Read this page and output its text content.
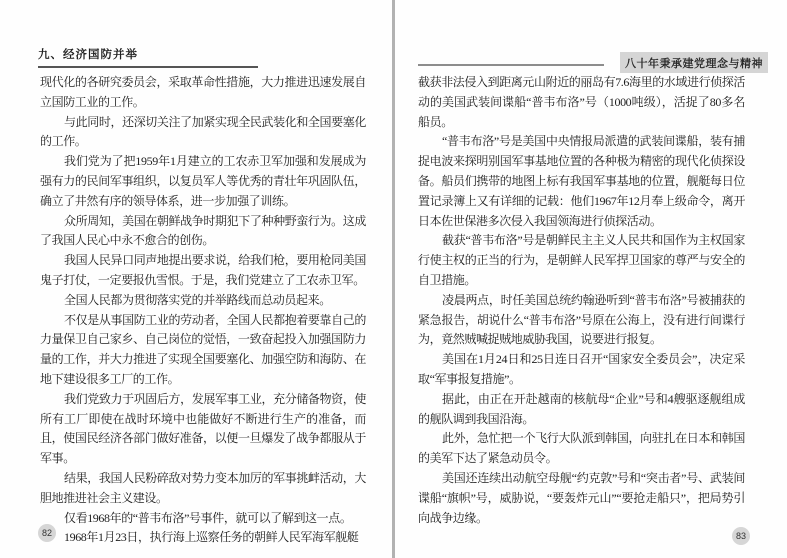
九、经济国防并举

现代化的各研究委员会，采取革命性措施，大力推进迅速发展自立国防工业的工作。

与此同时，还深切关注了加紧实现全民武装化和全国要塞化的工作。

我们党为了把1959年1月建立的工农赤卫军加强和发展成为强有力的民间军事组织，以复员军人等优秀的青壮年巩固队伍，确立了井然有序的领导体系，进一步加强了训练。

众所周知，美国在朝鲜战争时期犯下了种种野蛮行为。这成了我国人民心中永不愈合的创伤。

我国人民异口同声地提出要求说，给我们枪，要用枪同美国鬼子打仗，一定要报仇雪恨。于是，我们党建立了工农赤卫军。

全国人民都为贯彻落实党的并举路线而总动员起来。

不仅是从事国防工业的劳动者，全国人民都抱着要靠自己的力量保卫自己家乡、自己岗位的觉悟，一致奋起投入加强国防力量的工作，并大力推进了实现全国要塞化、加强空防和海防、在地下建设很多工厂的工作。

我们党致力于巩固后方，发展军事工业，充分储备物资，使所有工厂即使在战时环境中也能做好不断进行生产的准备，而且，使国民经济各部门做好准备，以便一旦爆发了战争都服从于军事。

结果，我国人民粉碎敌对势力变本加厉的军事挑衅活动，大胆地推进社会主义建设。

仅看1968年的“普韦布洛”号事件，就可以了解到这一点。

1968年1月23日，执行海上巡察任务的朝鲜人民军海军舰艇

82
八十年秉承建党理念与精神

截获非法侵入到距离元山附近的丽岛有7.6海里的水域进行侦探活动的美国武装间谍船“普韦布洛”号（1000吨级），活捉了80多名船员。

“普韦布洛”号是美国中央情报局派遣的武装间谍船，装有捕捉电波来探明别国军事基地位置的各种极为精密的现代化侦探设备。船员们携带的地图上标有我国军事基地的位置，舰艇每日位置记录簿上又有详细的记载：他们1967年12月奉上级命令，离开日本佐世保港多次侵入我国领海进行侦探活动。

截获“普韦布洛”号是朝鲜民主主义人民共和国作为主权国家行使主权的正当的行为，是朝鲜人民军捍卫国家的尊严与安全的自卫措施。

凌晨两点，时任美国总统约翰逊听到“普韦布洛”号被捕获的紧急报告，胡说什么“普韦布洛”号原在公海上，没有进行间谍行为，竟然贼喊捉贼地威胁我国，说要进行报复。

美国在1月24日和25日连日召开“国家安全委员会”，决定采取“军事报复措施”。

据此，由正在开赴越南的核航母“企业”号和4艘驱逐舰组成的舰队调到我国沿海。

此外，急忙把一个飞行大队派到韩国，向驻扎在日本和韩国的美军下达了紧急动员令。

美国还连续出动航空母舰“约克敦”号和“突击者”号、武装间谍船“旗帜”号，威胁说，“要轰炸元山”“要抢走船只”，把局势引向战争边缘。

83
